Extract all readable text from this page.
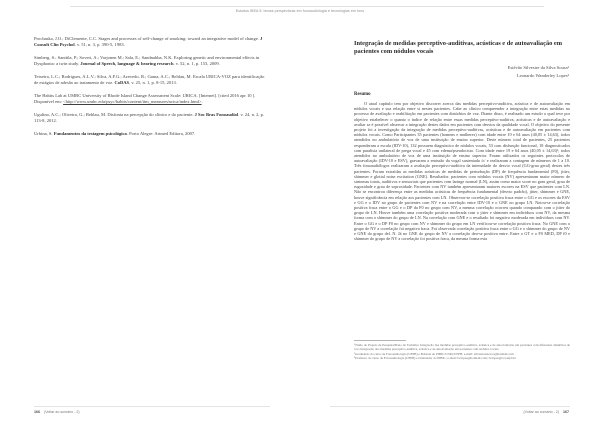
Estudos IBEA 5: temas perspectivas em fonoaudiologia e tecnologias em fono

Prochaska, J.O.; DiClemente, C.C. Stages and processes of self-change of smoking: toward an integrative model of change. J Consult Clin Psychol. v. 51, n. 3, p. 390-5, 1983.

Simberg, S.; Santtila, P.; Soveri, A.; Varjonen M.; Sala, E.; Sandnabba, N.K. Exploring genetic and environmental effects in Dysphonia: a twin study. Journal of Speech, language & hearing research. v. 52, n. 1, p. 153, 2009.

Teixeira, L.C.; Rodrigues, A.L.V.; Silva, A.F.G.; Azevedo, R.; Gama, A.C.; Behlau, M. Escala URICA-VOZ para identificação de estágios de adesão ao tratamento de voz. CoDAS, v. 25, n. 1, p. 8-15, 2013.

The Habits Lab at UMBC University of Rhode Island Change Assessment Scale: URICA. [Internet]. [cited 2016 apr 10 ]. Disponível em: <http://www.umbc.edu/psyc/habits/content/ttm_measures/urica/index.html>.

Ugulino, A.C.; Oliveira, G.; Behlau, M. Disfonia na percepção do clínico e do paciente. J Soc Bras Fonoaudiol. v. 24, n. 2, p. 113-8, 2012.

Urbina, S. Fundamentos da testagem psicológica. Porto Alegre: Artmed Editora, 2007.

166 (Voltar ao sumário - 2)
Integração de medidas perceptivo-auditivas, acústicas e de autoavaliação em pacientes com nódulos vocais
Estêvão Silvestre da Silva Sousa¹
Leonardo Wanderley Lopes²
Resumo
O atual capítulo tem por objetivo discorrer acerca das medidas perceptivo-auditiva, acústica e de autoavaliação em nódulos vocais e sua relação entre si nestes pacientes. Cabe ao clínico compreender a integração entre estas medidas no processo de avaliação e reabilitação em pacientes com distúrbios de voz. Diante disso, é realizado um estudo o qual teve por objetivo estabelecer o quanto o índice de relação entre essas medidas perceptivo-auditiva, acústicas e de autoavaliação e avaliar se é possível observar a integração destes dados em pacientes com desvios da qualidade vocal. O objetivo do presente projeto foi a investigação da integração de medidas perceptivo-auditivas, acústicas e de autoavaliação em pacientes com nódulos vocais. Como Participantes 35 pacientes (homens e mulheres) com idade entre 19 e 64 anos (40,05 ± 14,63), todos atendidos no ambulatório de voz de uma instituição de ensino superior. Deste número total de pacientes, 25 pacientes responderam a escala (IDV-10), 132 possuem diagnóstico de nódulos vocais, 53 com disfunção funcional, 18 diagnosticados com paralisia unilateral de prega vocal e 45 com edema/pseudocisto. Com idade entre 19 e 64 anos (40,05 ± 14,63)³, todos atendidos no ambulatório de voz de uma instituição de ensino superior. Foram utilizados os seguintes protocolos de autoavaliação (IDV-10 e ESV), gravaram a emissão da vogal sustentada /ɛ/ e realizaram a contagem de números de 1 a 10. Três fonoaudiólogos realizaram a avaliação perceptivo-auditiva da intensidade do desvio vocal (GG-grau geral) destes três pacientes. Foram extraídas as medidas acústicas de medidas de perturbação (DP) de frequência fundamental (F0), jitter, shimmer e glottal noise excitation (GNE). Resultados: pacientes com nódulos vocais (NV) apresentaram maior número de sintomas totais, auditivos e sensoriais que pacientes com laringe normal (LN), assim como maior score no grau geral, grau de rugosidade e grau de soprosidade. Pacientes com NV também apresentaram maiores escores na ESV que pacientes com LN. Não se encontrou diferença entre as medidas acústicas de frequência fundamental (desvio padrão), jitter, shimmer e GNE, houve significância em relação aos pacientes com LN. Observou-se correlação positiva fraca entre o GG e os escores da ESV e GG e o IDV no grupo de pacientes com NV e na correlação entre IDV-10 e o GNE no grupo LN. Notou-se correlação positiva fraca entre o GG e o DP da F0 no grupo com NV, a mesma correlação ocorreu quando comparado com o jitter do grupo de LN. Houve também uma correlação positiva moderada com o jitter e shimmer em indivíduos com NV, da mesma forma com o shimmer do grupo de LN. Na correlação com GNE e o resultado foi negativo moderada em indivíduos com NV. Entre o GG e o DP F0 no grupo com NV e shimmer do grupo em LN verificou-se correlação positiva fraca. No GNE com o grupo de NV a correlação foi negativa fraca. Foi observada correlação positiva fraca entre o GG e o shimmer do grupo de NV e GNE do grupo del. N. Já no GNE do grupo de NV a correlação deu-se positiva entre. Entre o GT e o F0 MED, DP f0 e shimmer do grupo de NV a correlação foi positiva fraca, da mesma forma esta

¹Título do Projeto de Pesquisa/Plano de Trabalho: Integração das medidas perceptivo-auditiva, acústica e de autoavaliação em pacientes com diferentes distúrbios de voz; Integração dos medidas perceptivo-auditiva, acústica e de autoavaliação em pacientes com nódulos vocais.

²Graduando do curso de Fonoaudiologia (UFPB) e Bolsista do PIBIC/CNPq/UFPB; e-mail: silvestreestevao@hotmail.com

³Professor do curso de Fonoaudiologia (UFPB) e Orientador do PIBIC; e-mail: lwlopes@hotmail.com; lwlopes@ccs.ufpb.br

(Voltar ao sumário - 2) 167
